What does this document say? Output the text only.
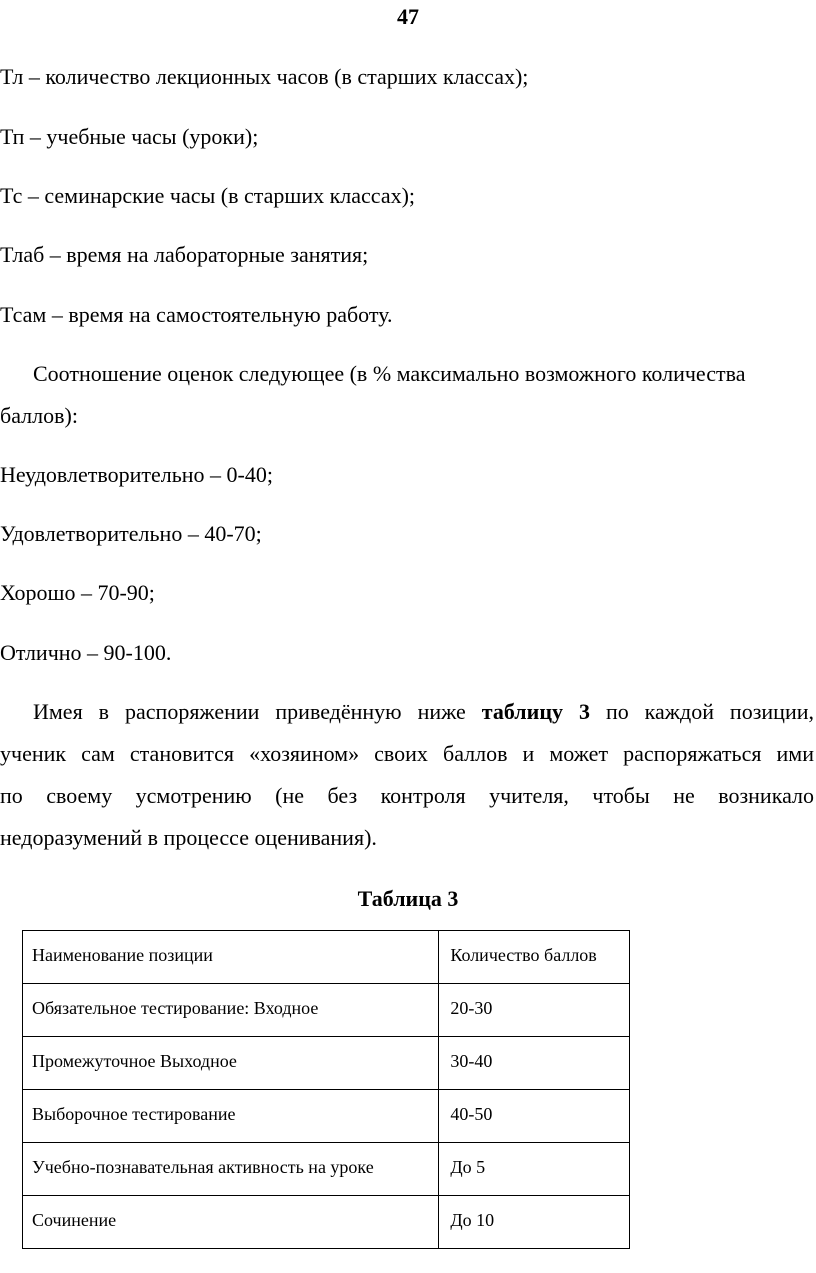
47
Тл – количество лекционных часов (в старших классах);
Тп – учебные часы (уроки);
Тс – семинарские часы (в старших классах);
Тлаб – время на лабораторные занятия;
Тсам – время на самостоятельную работу.
Соотношение оценок следующее (в % максимально возможного количества
баллов):
Неудовлетворительно – 0-40;
Удовлетворительно – 40-70;
Хорошо – 70-90;
Отлично – 90-100.
Имея в распоряжении приведённую ниже таблицу 3 по каждой позиции,
ученик сам становится «хозяином» своих баллов и может распоряжаться ими
по своему усмотрению (не без контроля учителя, чтобы не возникало
недоразумений в процессе оценивания).
Таблица 3
Наименование позиции	Количество баллов
Обязательное тестирование: Входное	20-30
Промежуточное Выходное	30-40
Выборочное тестирование	40-50
Учебно-познавательная активность на уроке	До 5
Сочинение	До 10
